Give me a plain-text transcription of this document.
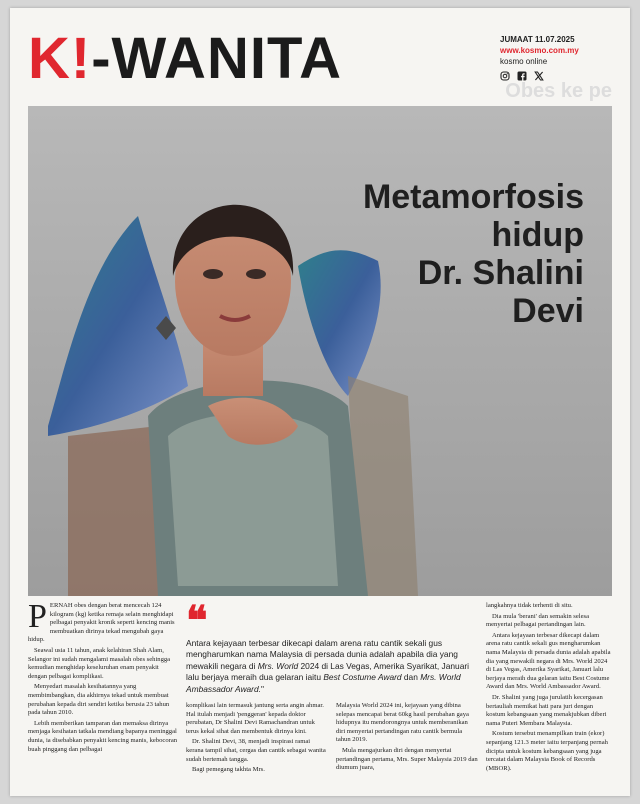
K!-WANITA	Obes ke pe
JUMAAT 11.07.2025
www.kosmo.com.my
kosmo online
Metamorfosis
hidup
Dr. Shalini
Devi

PERNAH obes dengan berat mencecah 124 kilogram (kg) ketika remaja selain menghidapi pelbagai penyakit kronik seperti kencing manis membuatkan dirinya tekad mengubah gaya hidup.

Seawal usia 11 tahun, anak kelahiran Shah Alam, Selangor ini sudah mengalami masalah obes sehingga kemudian menghidap keseluruhan enam penyakit dengan pelbagai komplikasi.

Menyedari masalah kesihatannya yang membimbangkan, dia akhirnya tekad untuk membuat perubahan kepada diri sendiri ketika berusia 23 tahun pada tahun 2010.

Lebih memberikan tamparan dan memaksa dirinya menjaga kesihatan tatkala mendiang bapanya meninggal dunia, ia disebabkan penyakit kencing manis, kebocoran buah pinggang dan pelbagai

❝
Antara kejayaan terbesar dikecapi dalam arena ratu cantik sekali gus mengharumkan nama Malaysia di persada dunia adalah apabila dia yang mewakili negara di Mrs. World 2024 di Las Vegas, Amerika Syarikat, Januari lalu berjaya meraih dua gelaran iaitu Best Costume Award dan Mrs. World Ambassador Award."

komplikasi lain termasuk jantung serta angin ahmar. Hal itulah menjadi 'penggeran' kepada doktor perubatan, Dr Shalini Devi Ramachandran untuk terus kekal sihat dan membentuk dirinya kini.

Dr. Shalini Devi, 38, menjadi inspirasi ramai kerana tampil sihat, cergas dan cantik sebagai wanita sudah bertemah tangga.

Bagi pemegang takhta Mrs.

Malaysia World 2024 ini, kejayaan yang dibina selepas mencapai berat 60kg hasil perubahan gaya hidupnya itu mendorongnya untuk memberanikan diri menyertai pertandingan ratu cantik bermula tahun 2019.

Mula mengajurkan diri dengan menyertai pertandingan pertama, Mrs. Super Malaysia 2019 dan diumum juara,

langkahnya tidak terhenti di situ.

Dia mula 'berani' dan semakin selesa menyertai pelbagai pertandingan lain.

Antara kejayaan terbesar dikecapi dalam arena ratu cantik sekali gus mengharumkan nama Malaysia di persada dunia adalah apabila dia yang mewakili negara di Mrs. World 2024 di Las Vegas, Amerika Syarikat, Januari lalu berjaya meraih dua gelaran iaitu Best Costume Award dan Mrs. World Ambassador Award.

Dr. Shalini yang juga jurulatih kecergasan bertauliah memikat hati para juri dengan kostum kebangsaan yang menakjubkan diberi nama Puteri Membara Malaysia.

Kostum tersebut menampilkan train (ekor) sepanjang 121.3 meter iaitu terpanjang pernah dicipta untuk kostum kebangsaan yang juga tercatat dalam Malaysia Book of Records (MBOR).
